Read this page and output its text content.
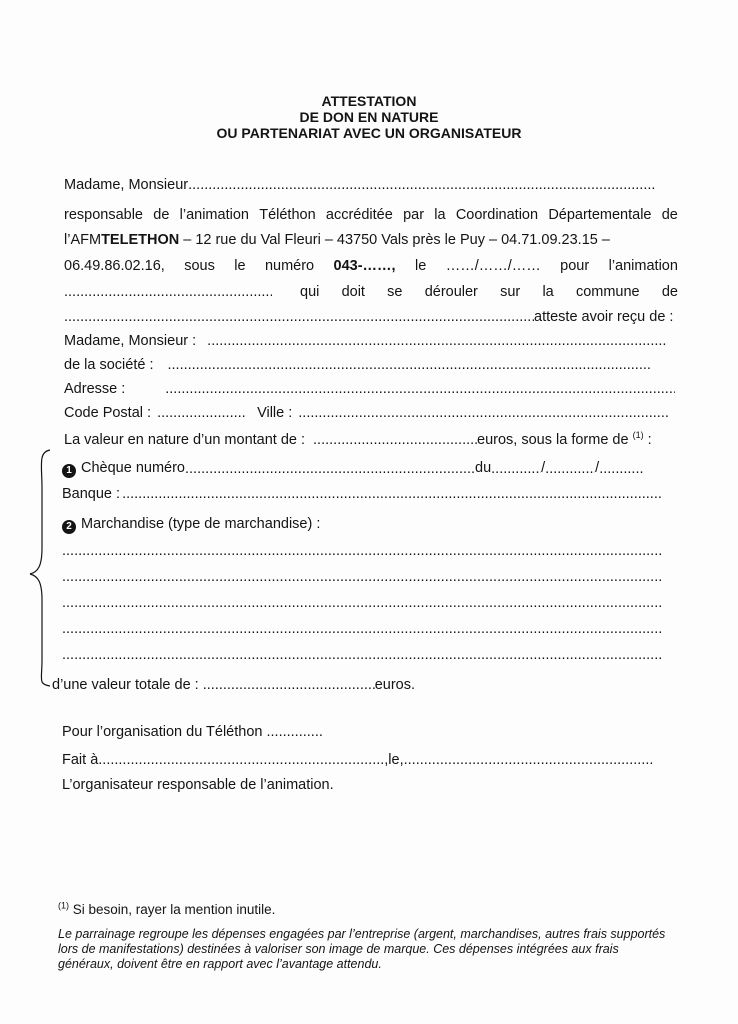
ATTESTATION
DE DON EN NATURE
OU PARTENARIAT AVEC UN ORGANISATEUR
Madame, Monsieur.....
responsable de l’animation Téléthon accréditée par la Coordination Départementale de
l’AFMTELETHON – 12 rue du Val Fleuri – 43750 Vals près le Puy – 04.71.09.23.15 –
06.49.86.02.16, sous le numéro 043-……, le ……/……/…… pour l’animation
.....
qui doit se dérouler sur la commune de
.....atteste avoir reçu de :
Madame, Monsieur :.....
de la société :.....
Adresse :.....
Code Postal : .....	Ville :.....
La valeur en nature d’un montant de : .....	euros, sous la forme de $^{(1)}$ :
1 Chèque numéro .....	du .....	/ .....	/.....
Banque :.....
2 Marchandise (type de marchandise) :
.....
.....
.....
.....
.....
d’une valeur totale de : .....	euros.
Pour l’organisation du Téléthon .....
Fait à .....	,le,.....
L’organisateur responsable de l’animation.
$^{(1)}$ Si besoin, rayer la mention inutile.
Le parrainage regroupe les dépenses engagées par l’entreprise (argent, marchandises, autres frais supportés lors de manifestations) destinées à valoriser son image de marque. Ces dépenses intégrées aux frais généraux, doivent être en rapport avec l’avantage attendu.
